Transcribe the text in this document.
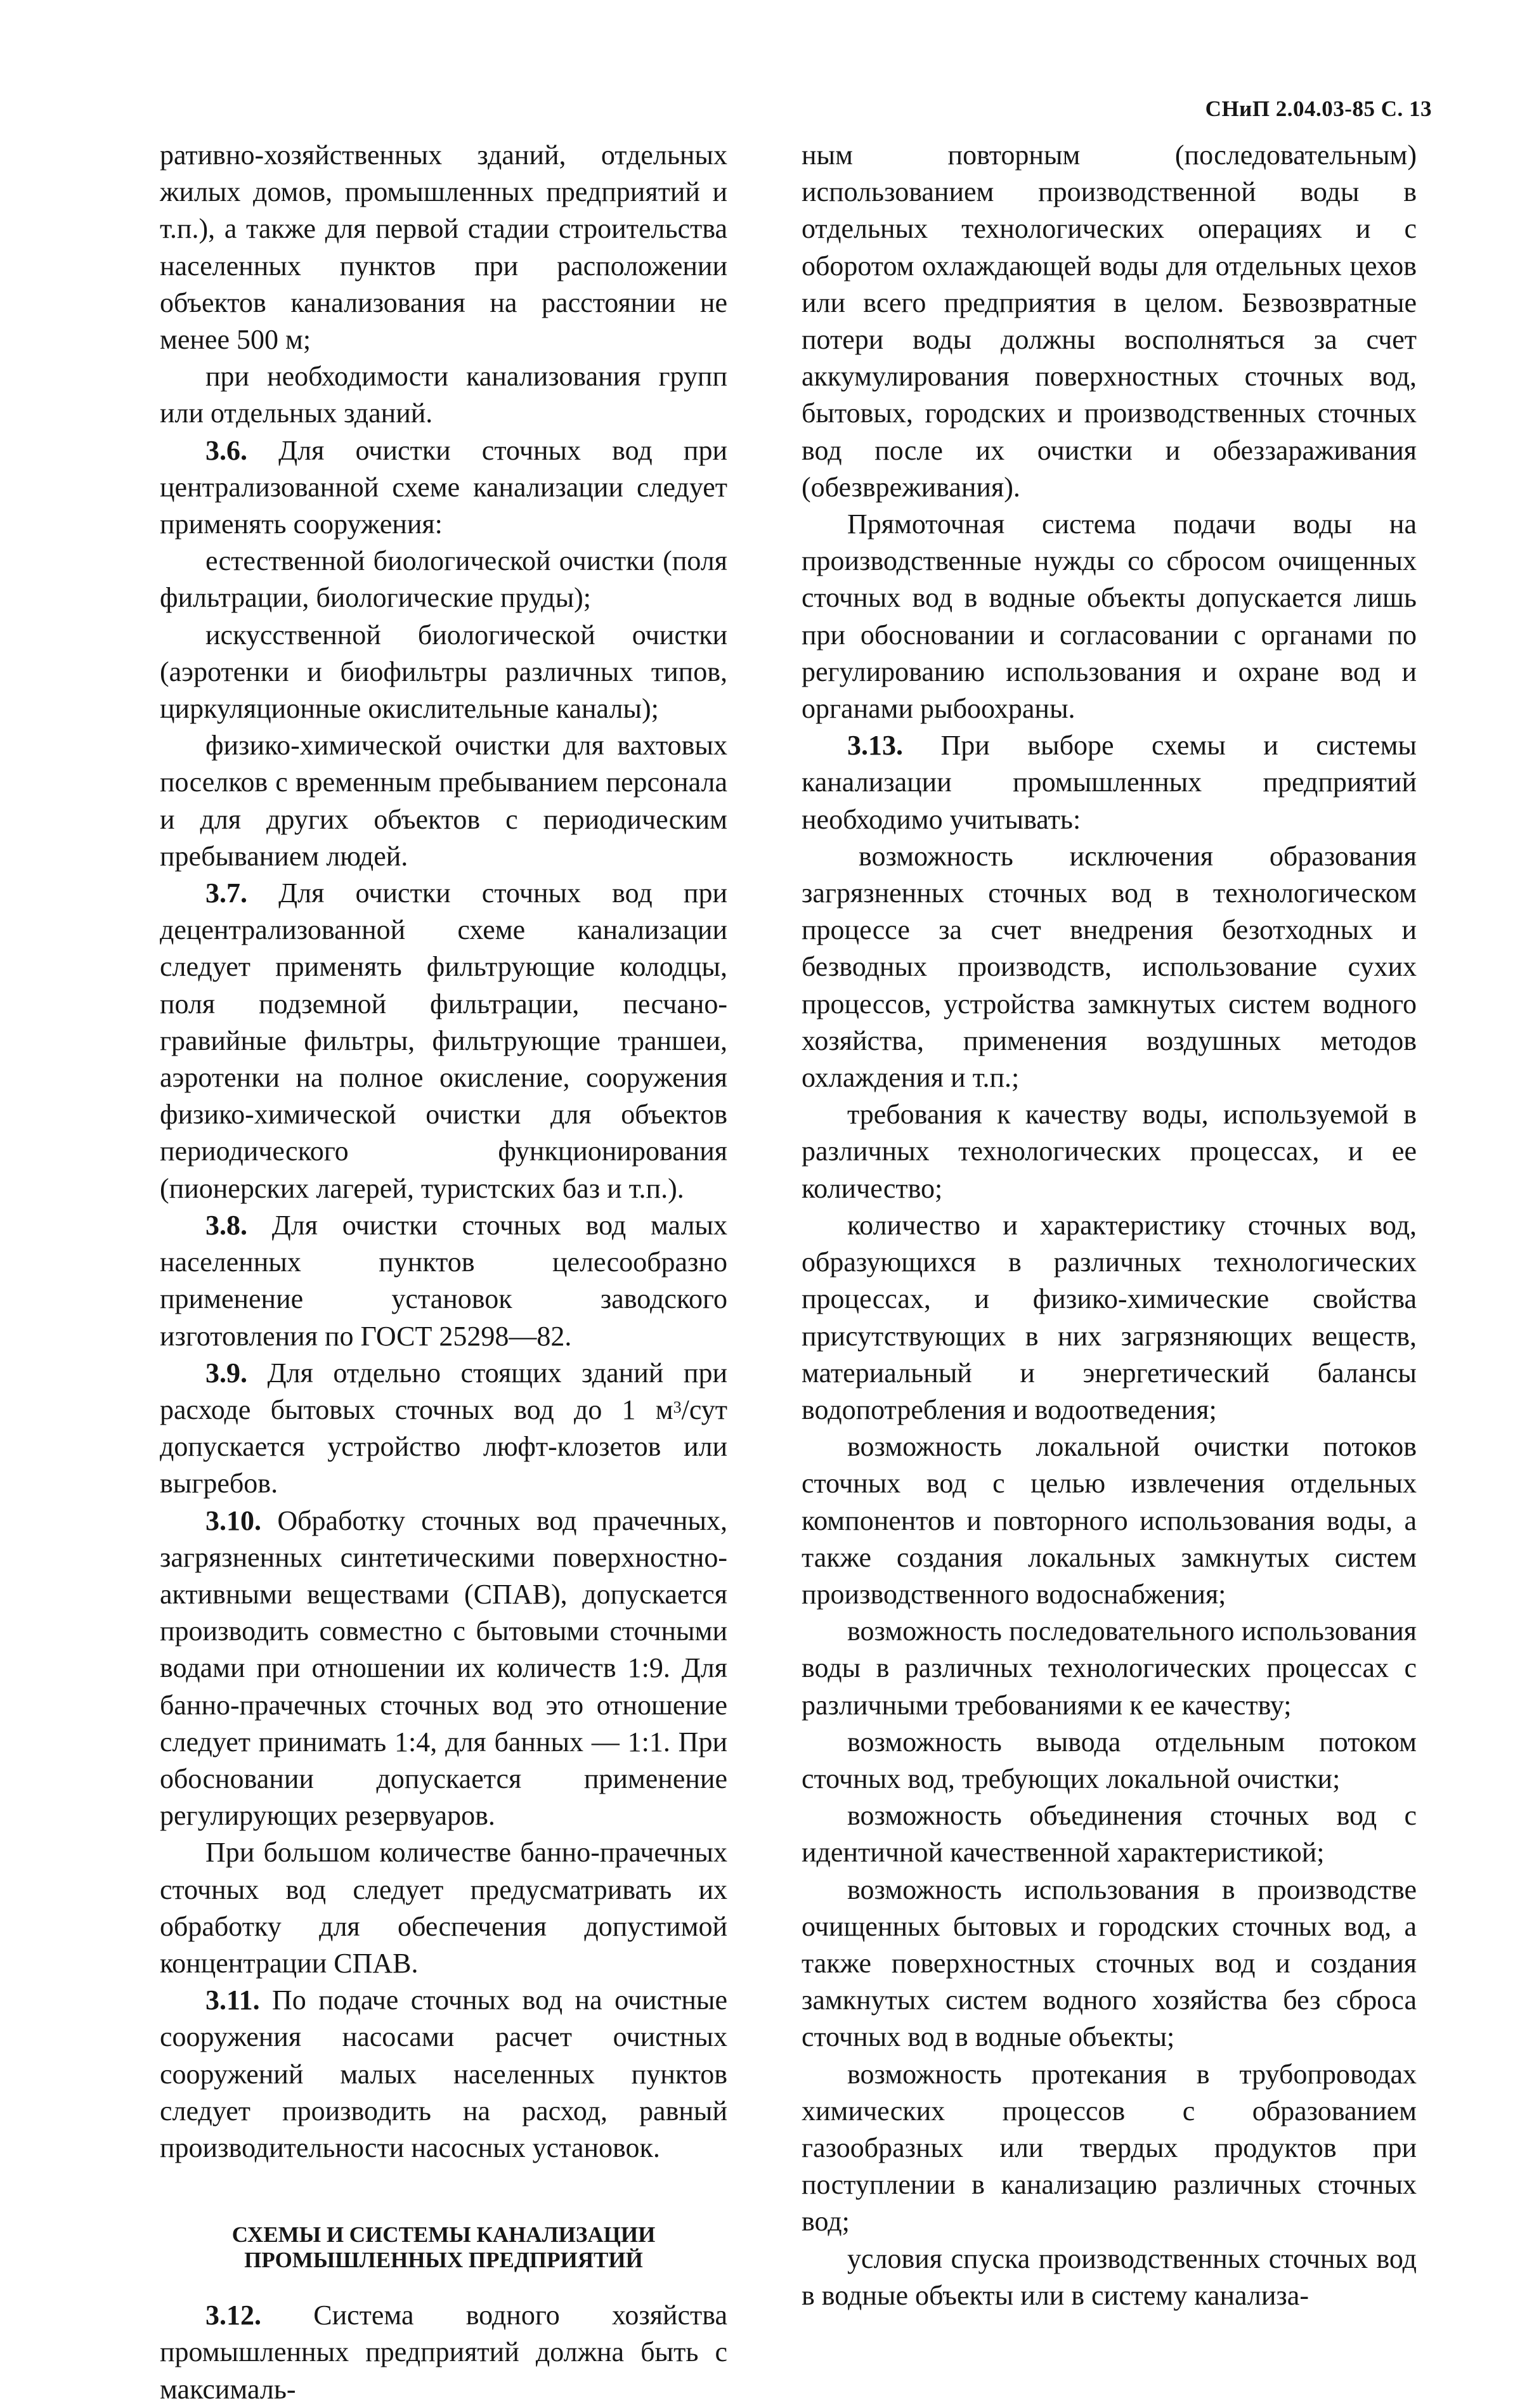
СНиП 2.04.03-85 С. 13

ративно-хозяйственных зданий, отдельных жилых домов, промышленных предприятий и т.п.), а также для первой стадии строительства населенных пунктов при расположении объектов канализования на расстоянии не менее 500 м;

при необходимости канализования групп или отдельных зданий.

3.6. Для очистки сточных вод при централизованной схеме канализации следует применять сооружения:

естественной биологической очистки (поля фильтрации, биологические пруды);

искусственной биологической очистки (аэротенки и биофильтры различных типов, циркуляционные окислительные каналы);

физико-химической очистки для вахтовых поселков с временным пребыванием персонала и для других объектов с периодическим пребыванием людей.

3.7. Для очистки сточных вод при децентрализованной схеме канализации следует применять фильтрующие колодцы, поля подземной фильтрации, песчано-гравийные фильтры, фильтрующие траншеи, аэротенки на полное окисление, сооружения физико-химической очистки для объектов периодического функционирования (пионерских лагерей, туристских баз и т.п.).

3.8. Для очистки сточных вод малых населенных пунктов целесообразно применение установок заводского изготовления по ГОСТ 25298—82.

3.9. Для отдельно стоящих зданий при расходе бытовых сточных вод до 1 $м^3$/сут допускается устройство люфт-клозетов или выгребов.

3.10. Обработку сточных вод прачечных, загрязненных синтетическими поверхностно-активными веществами (СПАВ), допускается производить совместно с бытовыми сточными водами при отношении их количеств 1:9. Для банно-прачечных сточных вод это отношение следует принимать 1:4, для банных — 1:1. При обосновании допускается применение регулирующих резервуаров.

При большом количестве банно-прачечных сточных вод следует предусматривать их обработку для обеспечения допустимой концентрации СПАВ.

3.11. По подаче сточных вод на очистные сооружения насосами расчет очистных сооружений малых населенных пунктов следует производить на расход, равный производительности насосных установок.

СХЕМЫ И СИСТЕМЫ КАНАЛИЗАЦИИ
ПРОМЫШЛЕННЫХ ПРЕДПРИЯТИЙ

3.12. Система водного хозяйства промышленных предприятий должна быть с максималь-

ным повторным (последовательным) использованием производственной воды в отдельных технологических операциях и с оборотом охлаждающей воды для отдельных цехов или всего предприятия в целом. Безвозвратные потери воды должны восполняться за счет аккумулирования поверхностных сточных вод, бытовых, городских и производственных сточных вод после их очистки и обеззараживания (обезвреживания).

Прямоточная система подачи воды на производственные нужды со сбросом очищенных сточных вод в водные объекты допускается лишь при обосновании и согласовании с органами по регулированию использования и охране вод и органами рыбоохраны.

3.13. При выборе схемы и системы канализации промышленных предприятий необходимо учитывать:

возможность исключения образования загрязненных сточных вод в технологическом процессе за счет внедрения безотходных и безводных производств, использование сухих процессов, устройства замкнутых систем водного хозяйства, применения воздушных методов охлаждения и т.п.;

требования к качеству воды, используемой в различных технологических процессах, и ее количество;

количество и характеристику сточных вод, образующихся в различных технологических процессах, и физико-химические свойства присутствующих в них загрязняющих веществ, материальный и энергетический балансы водопотребления и водоотведения;

возможность локальной очистки потоков сточных вод с целью извлечения отдельных компонентов и повторного использования воды, а также создания локальных замкнутых систем производственного водоснабжения;

возможность последовательного использования воды в различных технологических процессах с различными требованиями к ее качеству;

возможность вывода отдельным потоком сточных вод, требующих локальной очистки;

возможность объединения сточных вод с идентичной качественной характеристикой;

возможность использования в производстве очищенных бытовых и городских сточных вод, а также поверхностных сточных вод и создания замкнутых систем водного хозяйства без сброса сточных вод в водные объекты;

возможность протекания в трубопроводах химических процессов с образованием газообразных или твердых продуктов при поступлении в канализацию различных сточных вод;

условия спуска производственных сточных вод в водные объекты или в систему канализа-
